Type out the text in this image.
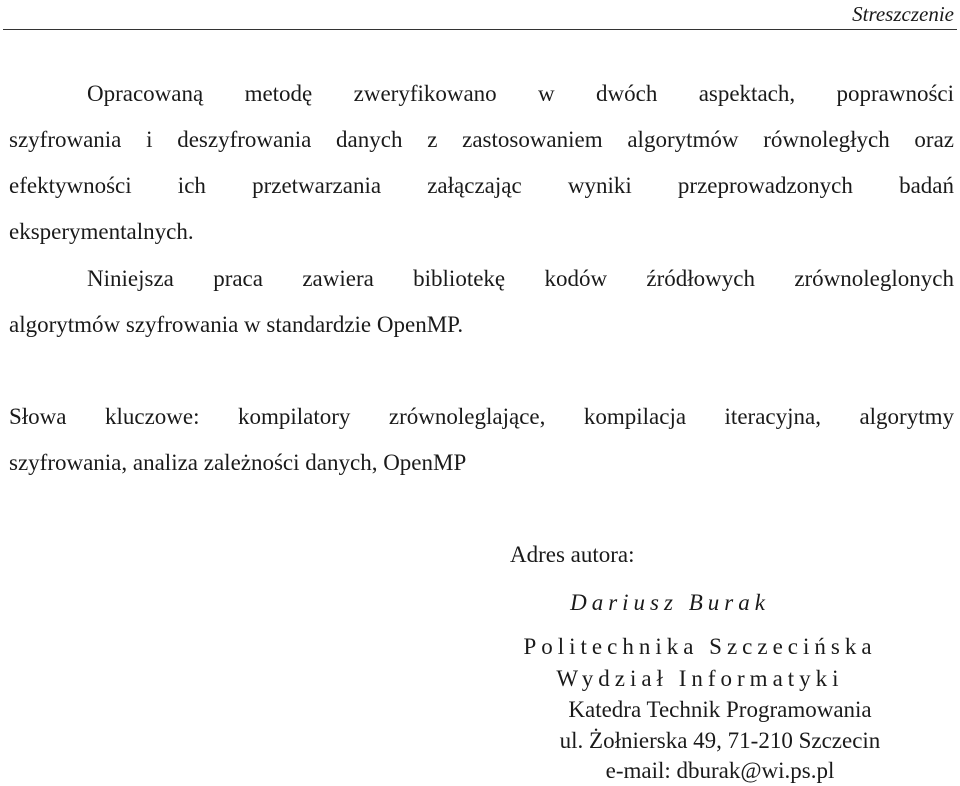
Streszczenie
Opracowaną metodę zweryfikowano w dwóch aspektach, poprawności
szyfrowania i deszyfrowania danych z zastosowaniem algorytmów równoległych oraz
efektywności ich przetwarzania załączając wyniki przeprowadzonych badań
eksperymentalnych.
Niniejsza praca zawiera bibliotekę kodów źródłowych zrównoleglonych
algorytmów szyfrowania w standardzie OpenMP.
Słowa kluczowe: kompilatory zrównoleglające, kompilacja iteracyjna, algorytmy
szyfrowania, analiza zależności danych, OpenMP
Adres autora:
Dariusz Burak
Politechnika Szczecińska
Wydział Informatyki
Katedra Technik Programowania
ul. Żołnierska 49, 71-210 Szczecin
e-mail: dburak@wi.ps.pl
